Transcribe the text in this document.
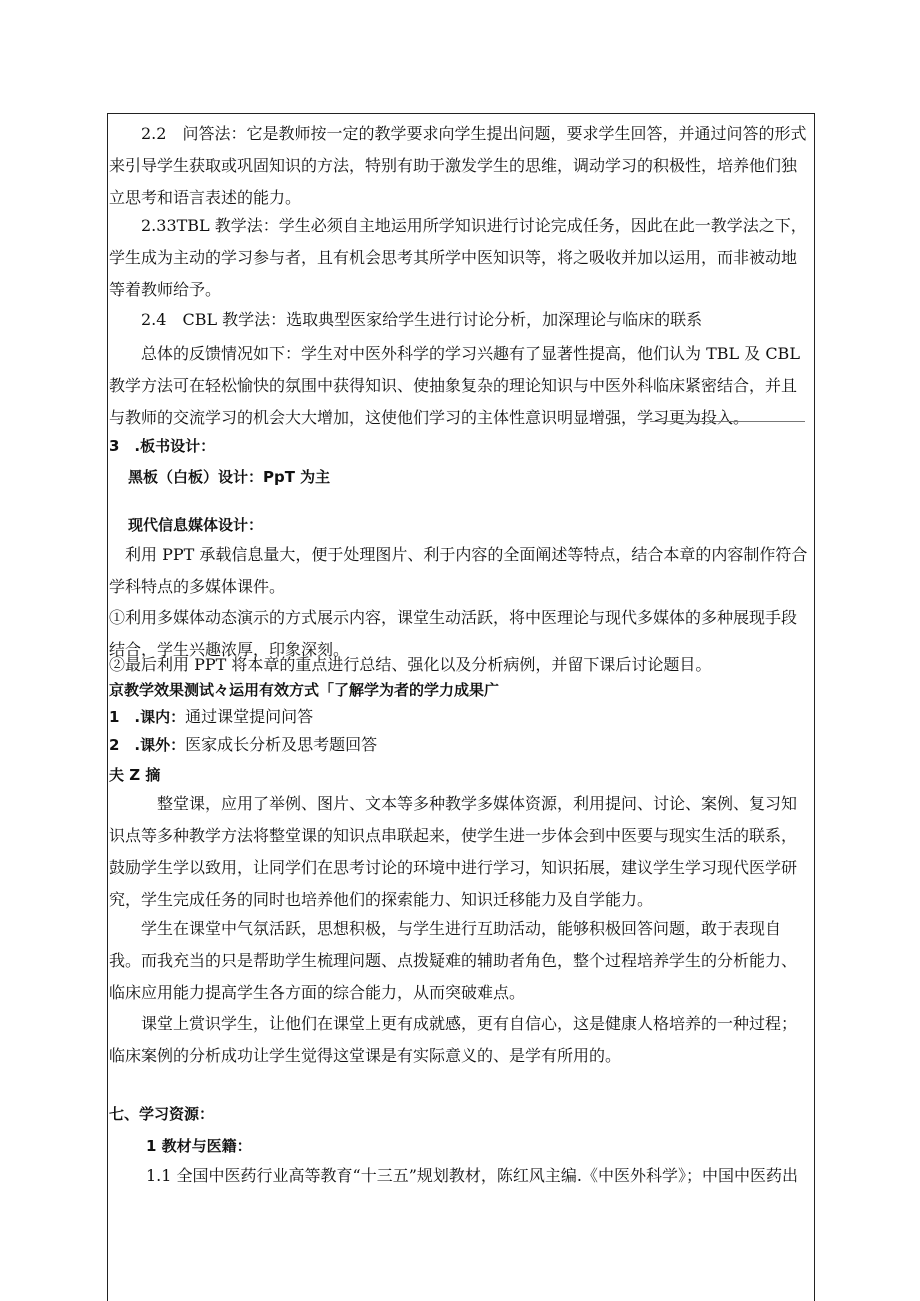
2.2　问答法：它是教师按一定的教学要求向学生提出问题，要求学生回答，并通过问答的形式来引导学生获取或巩固知识的方法，特别有助于激发学生的思维，调动学习的积极性，培养他们独立思考和语言表述的能力。

2.33TBL 教学法：学生必须自主地运用所学知识进行讨论完成任务，因此在此一教学法之下，学生成为主动的学习参与者，且有机会思考其所学中医知识等，将之吸收并加以运用，而非被动地等着教师给予。

2.4　CBL 教学法：选取典型医家给学生进行讨论分析，加深理论与临床的联系

总体的反馈情况如下：学生对中医外科学的学习兴趣有了显著性提高，他们认为 TBL 及 CBL 教学方法可在轻松愉快的氛围中获得知识、使抽象复杂的理论知识与中医外科临床紧密结合，并且与教师的交流学习的机会大大增加，这使他们学习的主体性意识明显增强，学习更为投入。

3　.板书设计：

黑板（白板）设计：PpT 为主

现代信息媒体设计：

利用 PPT 承载信息量大，便于处理图片、利于内容的全面阐述等特点，结合本章的内容制作符合学科特点的多媒体课件。

①利用多媒体动态演示的方式展示内容，课堂生动活跃，将中医理论与现代多媒体的多种展现手段结合，学生兴趣浓厚，印象深刻。

②最后利用 PPT 将本章的重点进行总结、强化以及分析病例，并留下课后讨论题目。

京教学效果测试々运用有效方式「了解学为者的学力成果广

1　.课内：通过课堂提问问答

2　.课外：医家成长分析及思考题回答

夫 Z 摘

整堂课，应用了举例、图片、文本等多种教学多媒体资源，利用提问、讨论、案例、复习知识点等多种教学方法将整堂课的知识点串联起来，使学生进一步体会到中医要与现实生活的联系，鼓励学生学以致用，让同学们在思考讨论的环境中进行学习，知识拓展，建议学生学习现代医学研究，学生完成任务的同时也培养他们的探索能力、知识迁移能力及自学能力。

学生在课堂中气氛活跃，思想积极，与学生进行互助活动，能够积极回答问题，敢于表现自我。而我充当的只是帮助学生梳理问题、点拨疑难的辅助者角色，整个过程培养学生的分析能力、临床应用能力提高学生各方面的综合能力，从而突破难点。

课堂上赏识学生，让他们在课堂上更有成就感，更有自信心，这是健康人格培养的一种过程；临床案例的分析成功让学生觉得这堂课是有实际意义的、是学有所用的。

七、学习资源：

1 教材与医籍：

1.1 全国中医药行业高等教育“十三五”规划教材，陈红风主编.《中医外科学》；中国中医药出
